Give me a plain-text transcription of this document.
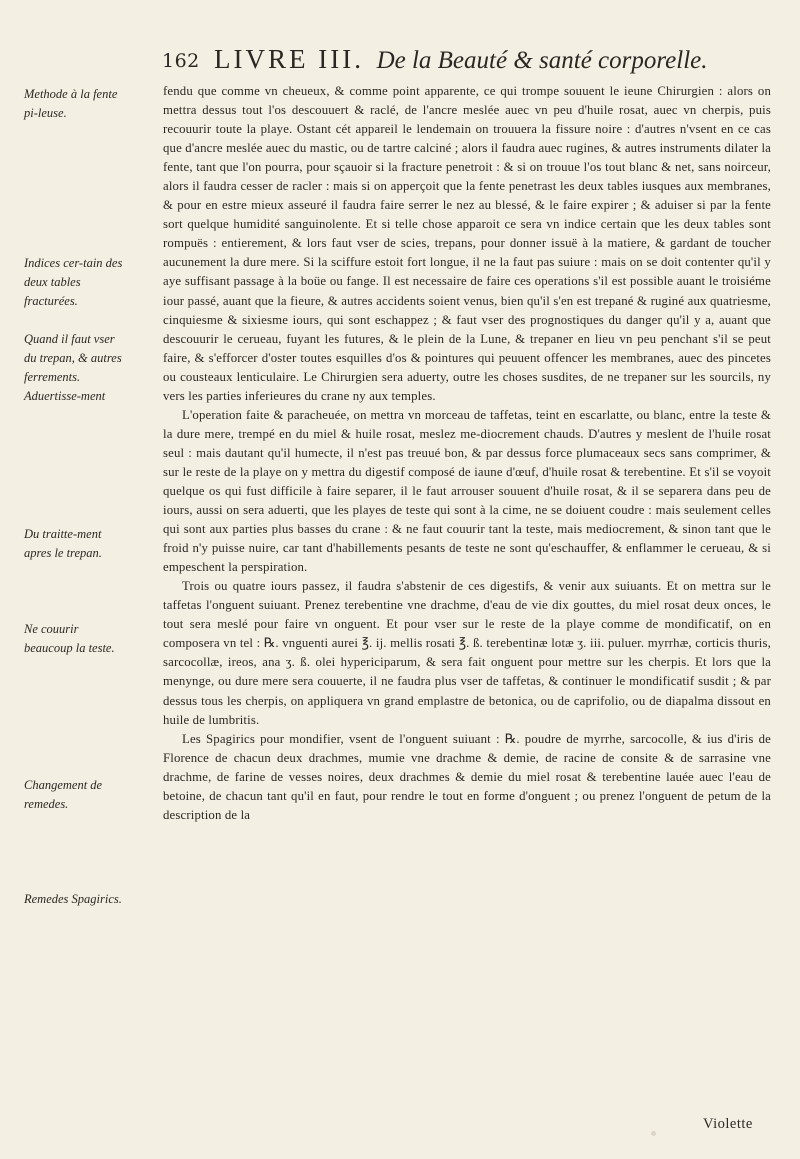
162 LIVRE III. De la Beauté & santé corporelle.
Methode à la fente pi-leuse.
Indices cer-tain des deux tables fracturées.
Quand il faut vser du trepan, & autres ferrements. Aduertisse-ment
Du traitte-ment apres le trepan.
Ne couurir beaucoup la teste.
Changement de remedes.
Remedes Spagirics.

fendu que comme vn cheueux, & comme point apparente, ce qui trompe souuent le ieune Chirurgien : alors on mettra dessus tout l'os descouuert & raclé, de l'ancre meslée auec vn peu d'huile rosat, auec vn cherpis, puis recouurir toute la playe. Ostant cét appareil le lendemain on trouuera la fissure noire : d'autres n'vsent en ce cas que d'ancre meslée auec du mastic, ou de tartre calciné ; alors il faudra auec rugines, & autres instruments dilater la fente, tant que l'on pourra, pour sçauoir si la fracture penetroit : & si on trouue l'os tout blanc & net, sans noirceur, alors il faudra cesser de racler : mais si on apperçoit que la fente penetrast les deux tables iusques aux membranes, & pour en estre mieux asseuré il faudra faire serrer le nez au blessé, & le faire expirer ; & aduiser si par la fente sort quelque humidité sanguinolente. Et si telle chose apparoit ce sera vn indice certain que les deux tables sont rompuës : entierement, & lors faut vser de scies, trepans, pour donner issuë à la matiere, & gardant de toucher aucunement la dure mere. Si la sciffure estoit fort longue, il ne la faut pas suiure : mais on se doit contenter qu'il y aye suffisant passage à la boüe ou fange. Il est necessaire de faire ces operations s'il est possible auant le troisiéme iour passé, auant que la fieure, & autres accidents soient venus, bien qu'il s'en est trepané & ruginé aux quatriesme, cinquiesme & sixiesme iours, qui sont eschappez ; & faut vser des prognostiques du danger qu'il y a, auant que descouurir le cerueau, fuyant les futures, & le plein de la Lune, & trepaner en lieu vn peu penchant s'il se peut faire, & s'efforcer d'oster toutes esquilles d'os & pointures qui peuuent offencer les membranes, auec des pincetes ou cousteaux lenticulaire. Le Chirurgien sera aduerty, outre les choses susdites, de ne trepaner sur les sourcils, ny vers les parties inferieures du crane ny aux temples.

L'operation faite & paracheuée, on mettra vn morceau de taffetas, teint en escarlatte, ou blanc, entre la teste & la dure mere, trempé en du miel & huile rosat, meslez me-diocrement chauds. D'autres y meslent de l'huile rosat seul : mais dautant qu'il humecte, il n'est pas treuué bon, & par dessus force plumaceaux secs sans comprimer, & sur le reste de la playe on y mettra du digestif composé de iaune d'œuf, d'huile rosat & terebentine. Et s'il se voyoit quelque os qui fust difficile à faire separer, il le faut arrouser souuent d'huile rosat, & il se separera dans peu de iours, aussi on sera aduerti, que les playes de teste qui sont à la cime, ne se doiuent coudre : mais seulement celles qui sont aux parties plus basses du crane : & ne faut couurir tant la teste, mais mediocrement, & sinon tant que le froid n'y puisse nuire, car tant d'habillements pesants de teste ne sont qu'eschauffer, & enflammer le cerueau, & si empeschent la perspiration.

Trois ou quatre iours passez, il faudra s'abstenir de ces digestifs, & venir aux suiuants. Et on mettra sur le taffetas l'onguent suiuant. Prenez terebentine vne drachme, d'eau de vie dix gouttes, du miel rosat deux onces, le tout sera meslé pour faire vn onguent. Et pour vser sur le reste de la playe comme de mondificatif, on en composera vn tel : ℞. vnguenti aurei ℥. ij. mellis rosati ℥. ß. terebentinæ lotæ ʒ. iii. puluer. myrrhæ, corticis thuris, sarcocollæ, ireos, ana ʒ. ß. olei hypericiparum, & sera fait onguent pour mettre sur les cherpis. Et lors que la menynge, ou dure mere sera couuerte, il ne faudra plus vser de taffetas, & continuer le mondificatif susdit ; & par dessus tous les cherpis, on appliquera vn grand emplastre de betonica, ou de caprifolio, ou de diapalma dissout en huile de lumbritis.

Les Spagirics pour mondifier, vsent de l'onguent suiuant : ℞. poudre de myrrhe, sarcocolle, & ius d'iris de Florence de chacun deux drachmes, mumie vne drachme & demie, de racine de consite & de sarrasine vne drachme, de farine de vesses noires, deux drachmes & demie du miel rosat & terebentine lauée auec l'eau de betoine, de chacun tant qu'il en faut, pour rendre le tout en forme d'onguent ; ou prenez l'onguent de petum de la description de la

Violette
